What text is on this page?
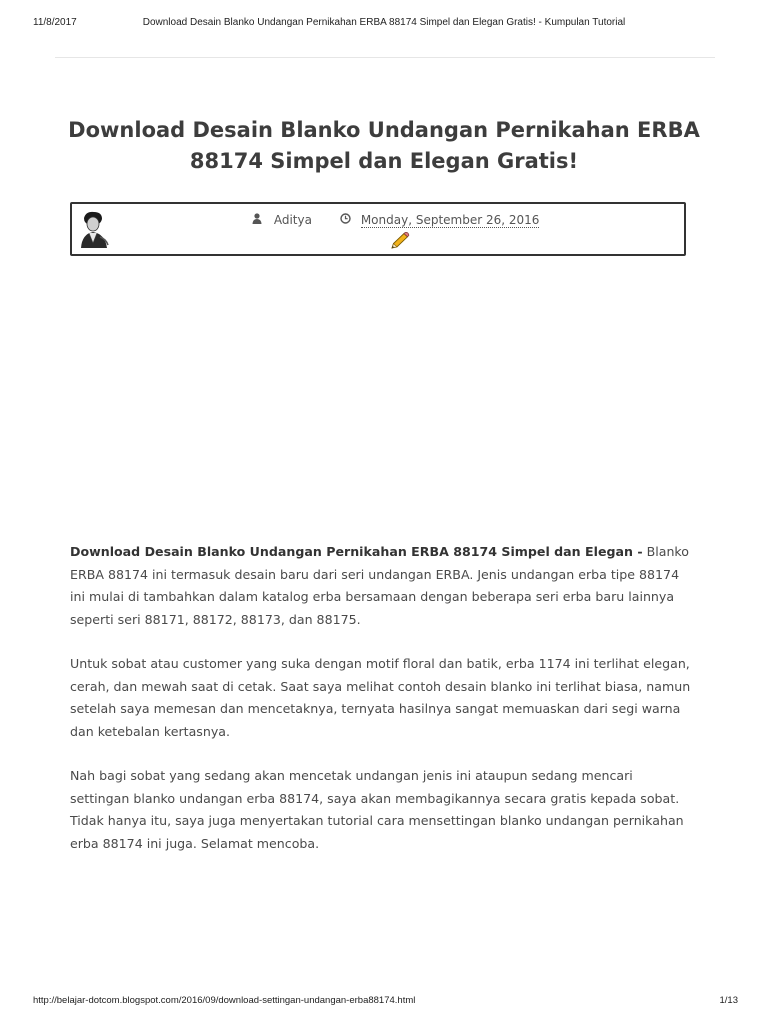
11/8/2017	Download Desain Blanko Undangan Pernikahan ERBA 88174 Simpel dan Elegan Gratis! - Kumpulan Tutorial
Download Desain Blanko Undangan Pernikahan ERBA 88174 Simpel dan Elegan Gratis!
Aditya	Monday, September 26, 2016

Download Desain Blanko Undangan Pernikahan ERBA 88174 Simpel dan Elegan - Blanko ERBA 88174 ini termasuk desain baru dari seri undangan ERBA. Jenis undangan erba tipe 88174 ini mulai di tambahkan dalam katalog erba bersamaan dengan beberapa seri erba baru lainnya seperti seri 88171, 88172, 88173, dan 88175.

Untuk sobat atau customer yang suka dengan motif floral dan batik, erba 1174 ini terlihat elegan, cerah, dan mewah saat di cetak. Saat saya melihat contoh desain blanko ini terlihat biasa, namun setelah saya memesan dan mencetaknya, ternyata hasilnya sangat memuaskan dari segi warna dan ketebalan kertasnya.

Nah bagi sobat yang sedang akan mencetak undangan jenis ini ataupun sedang mencari settingan blanko undangan erba 88174, saya akan membagikannya secara gratis kepada sobat. Tidak hanya itu, saya juga menyertakan tutorial cara mensettingan blanko undangan pernikahan erba 88174 ini juga. Selamat mencoba.

http://belajar-dotcom.blogspot.com/2016/09/download-settingan-undangan-erba88174.html	1/13
